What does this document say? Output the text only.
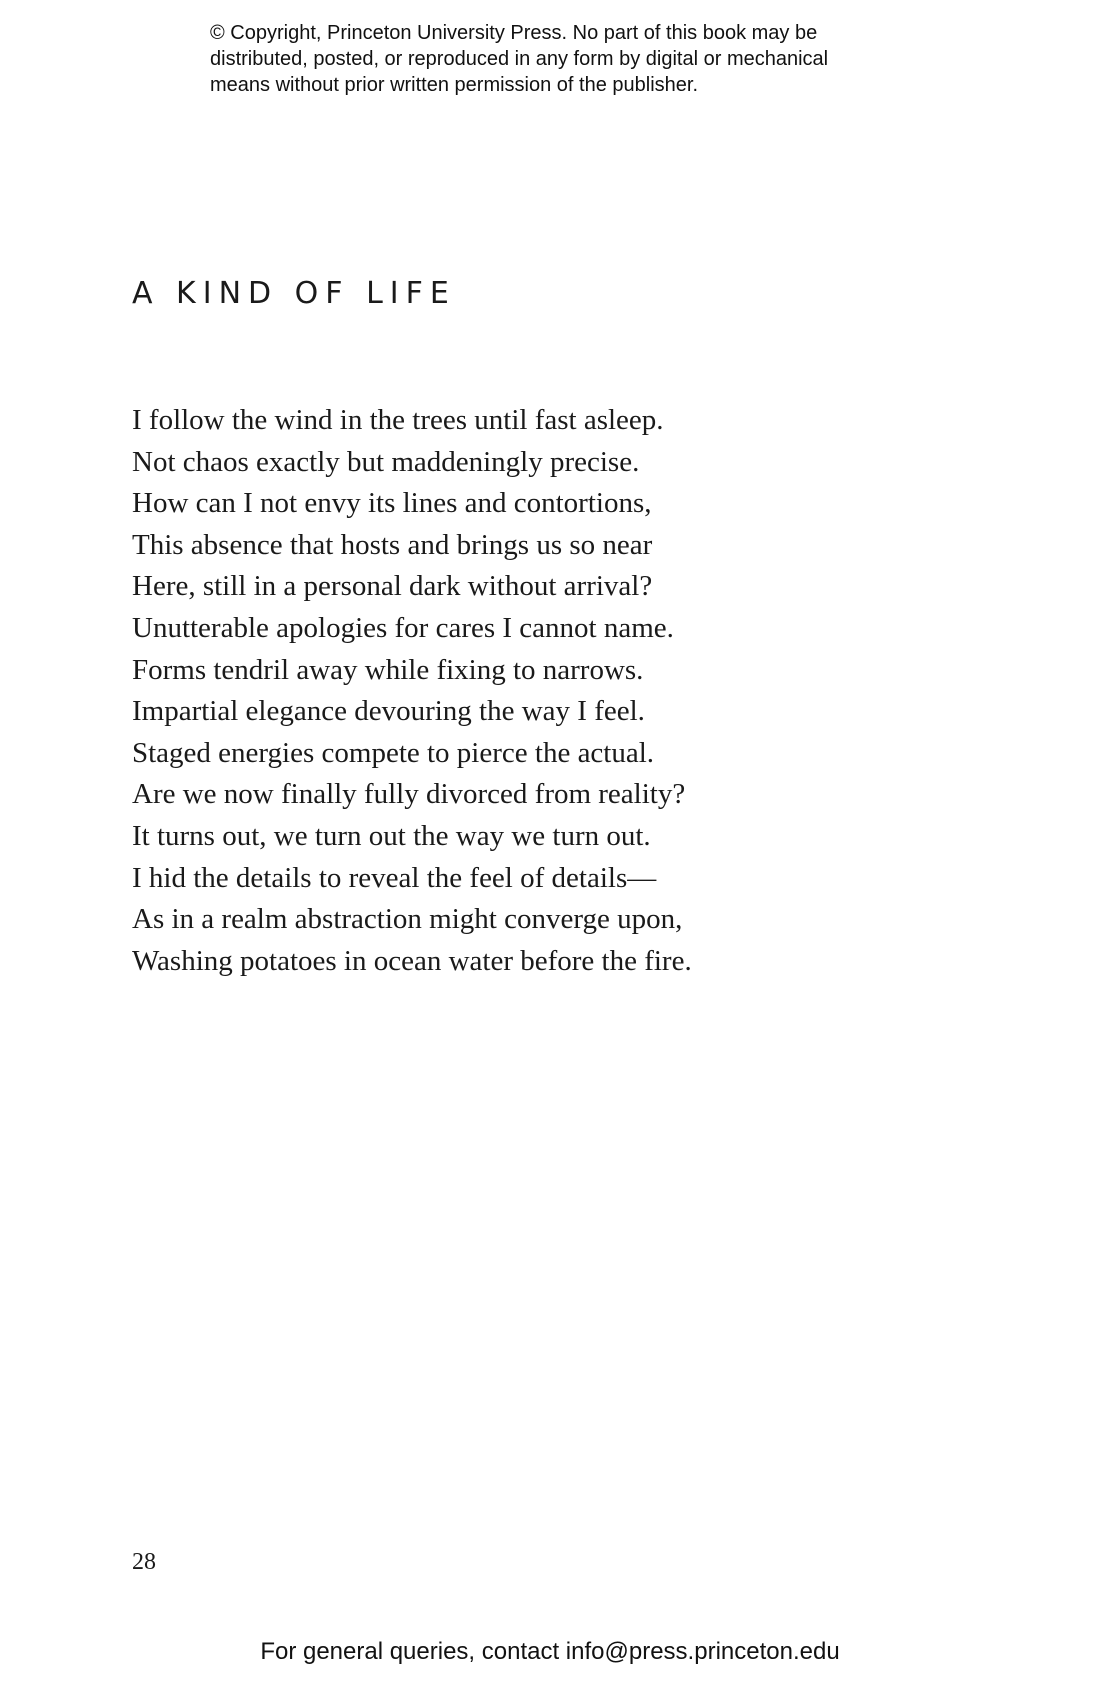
© Copyright, Princeton University Press. No part of this book may be
distributed, posted, or reproduced in any form by digital or mechanical
means without prior written permission of the publisher.
A KIND OF LIFE
I follow the wind in the trees until fast asleep.
Not chaos exactly but maddeningly precise.
How can I not envy its lines and contortions,
This absence that hosts and brings us so near
Here, still in a personal dark without arrival?
Unutterable apologies for cares I cannot name.
Forms tendril away while fixing to narrows.
Impartial elegance devouring the way I feel.
Staged energies compete to pierce the actual.
Are we now finally fully divorced from reality?
It turns out, we turn out the way we turn out.
I hid the details to reveal the feel of details—
As in a realm abstraction might converge upon,
Washing potatoes in ocean water before the fire.
28
For general queries, contact info@press.princeton.edu
